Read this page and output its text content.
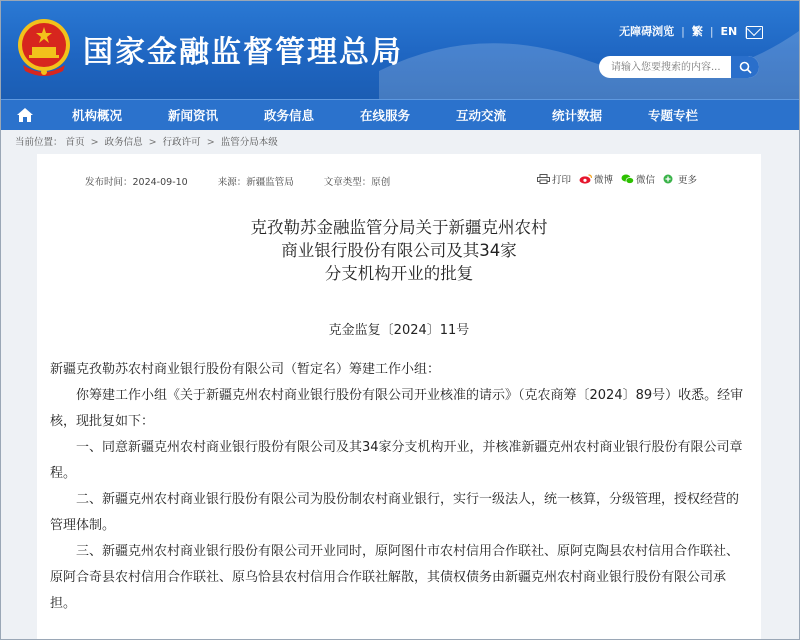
国家金融监督管理总局
无障碍浏览 | 繁 | EN |
请输入您要搜索的内容...
机构概况	新闻资讯	政务信息	在线服务	互动交流	统计数据	专题专栏
当前位置： 首页 > 政务信息 > 行政许可 > 监管分局本级
发布时间：2024-09-10	来源：新疆监管局	文章类型：原创	打印 微博 微信 更多
克孜勒苏金融监管分局关于新疆克州农村
商业银行股份有限公司及其34家
分支机构开业的批复
克金监复〔2024〕11号

新疆克孜勒苏农村商业银行股份有限公司（暂定名）筹建工作小组：

你筹建工作小组《关于新疆克州农村商业银行股份有限公司开业核准的请示》（克农商筹〔2024〕89号）收悉。经审核，现批复如下：

一、同意新疆克州农村商业银行股份有限公司及其34家分支机构开业，并核准新疆克州农村商业银行股份有限公司章程。

二、新疆克州农村商业银行股份有限公司为股份制农村商业银行，实行一级法人，统一核算，分级管理，授权经营的管理体制。

三、新疆克州农村商业银行股份有限公司开业同时，原阿图什市农村信用合作联社、原阿克陶县农村信用合作联社、原阿合奇县农村信用合作联社、原乌恰县农村信用合作联社解散，其债权债务由新疆克州农村商业银行股份有限公司承担。
